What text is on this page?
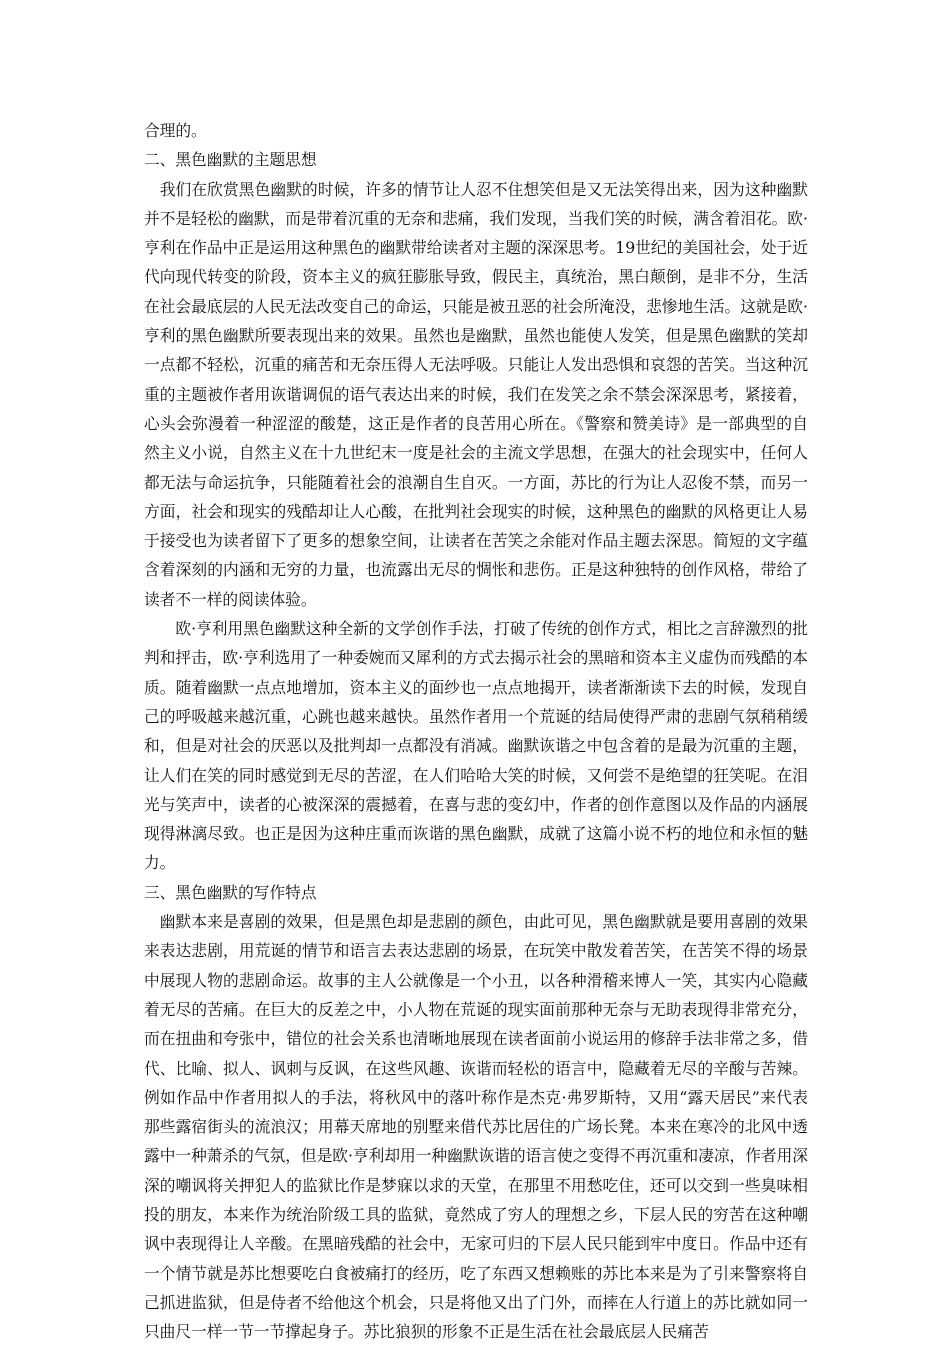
合理的。

二、黑色幽默的主题思想

我们在欣赏黑色幽默的时候，许多的情节让人忍不住想笑但是又无法笑得出来，因为这种幽默并不是轻松的幽默，而是带着沉重的无奈和悲痛，我们发现，当我们笑的时候，满含着泪花。欧·亨利在作品中正是运用这种黑色的幽默带给读者对主题的深深思考。19世纪的美国社会，处于近代向现代转变的阶段，资本主义的疯狂膨胀导致，假民主，真统治，黑白颠倒，是非不分，生活在社会最底层的人民无法改变自己的命运，只能是被丑恶的社会所淹没，悲惨地生活。这就是欧·亨利的黑色幽默所要表现出来的效果。虽然也是幽默，虽然也能使人发笑，但是黑色幽默的笑却一点都不轻松，沉重的痛苦和无奈压得人无法呼吸。只能让人发出恐惧和哀怨的苦笑。当这种沉重的主题被作者用诙谐调侃的语气表达出来的时候，我们在发笑之余不禁会深深思考，紧接着，心头会弥漫着一种涩涩的酸楚，这正是作者的良苦用心所在。《警察和赞美诗》是一部典型的自然主义小说，自然主义在十九世纪末一度是社会的主流文学思想，在强大的社会现实中，任何人都无法与命运抗争，只能随着社会的浪潮自生自灭。一方面，苏比的行为让人忍俊不禁，而另一方面，社会和现实的残酷却让人心酸，在批判社会现实的时候，这种黑色的幽默的风格更让人易于接受也为读者留下了更多的想象空间，让读者在苦笑之余能对作品主题去深思。简短的文字蕴含着深刻的内涵和无穷的力量，也流露出无尽的惆怅和悲伤。正是这种独特的创作风格，带给了读者不一样的阅读体验。

欧·亨利用黑色幽默这种全新的文学创作手法，打破了传统的创作方式，相比之言辞激烈的批判和抨击，欧·亨利选用了一种委婉而又犀利的方式去揭示社会的黑暗和资本主义虚伪而残酷的本质。随着幽默一点点地增加，资本主义的面纱也一点点地揭开，读者渐渐读下去的时候，发现自己的呼吸越来越沉重，心跳也越来越快。虽然作者用一个荒诞的结局使得严肃的悲剧气氛稍稍缓和，但是对社会的厌恶以及批判却一点都没有消减。幽默诙谐之中包含着的是最为沉重的主题，让人们在笑的同时感觉到无尽的苦涩，在人们哈哈大笑的时候，又何尝不是绝望的狂笑呢。在泪光与笑声中，读者的心被深深的震撼着，在喜与悲的变幻中，作者的创作意图以及作品的内涵展现得淋漓尽致。也正是因为这种庄重而诙谐的黑色幽默，成就了这篇小说不朽的地位和永恒的魅力。

三、黑色幽默的写作特点

幽默本来是喜剧的效果，但是黑色却是悲剧的颜色，由此可见，黑色幽默就是要用喜剧的效果来表达悲剧，用荒诞的情节和语言去表达悲剧的场景，在玩笑中散发着苦笑，在苦笑不得的场景中展现人物的悲剧命运。故事的主人公就像是一个小丑，以各种滑稽来博人一笑，其实内心隐藏着无尽的苦痛。在巨大的反差之中，小人物在荒诞的现实面前那种无奈与无助表现得非常充分，而在扭曲和夸张中，错位的社会关系也清晰地展现在读者面前小说运用的修辞手法非常之多，借代、比喻、拟人、讽刺与反讽，在这些风趣、诙谐而轻松的语言中，隐藏着无尽的辛酸与苦辣。例如作品中作者用拟人的手法，将秋风中的落叶称作是杰克·弗罗斯特，又用“露天居民”来代表那些露宿街头的流浪汉；用幕天席地的别墅来借代苏比居住的广场长凳。本来在寒冷的北风中透露中一种萧杀的气氛，但是欧·亨利却用一种幽默诙谐的语言使之变得不再沉重和凄凉，作者用深深的嘲讽将关押犯人的监狱比作是梦寐以求的天堂，在那里不用愁吃住，还可以交到一些臭味相投的朋友，本来作为统治阶级工具的监狱，竟然成了穷人的理想之乡，下层人民的穷苦在这种嘲讽中表现得让人辛酸。在黑暗残酷的社会中，无家可归的下层人民只能到牢中度日。作品中还有一个情节就是苏比想要吃白食被痛打的经历，吃了东西又想赖账的苏比本来是为了引来警察将自己抓进监狱，但是侍者不给他这个机会，只是将他又出了门外，而摔在人行道上的苏比就如同一只曲尺一样一节一节撑起身子。苏比狼狈的形象不正是生活在社会最底层人民痛苦
